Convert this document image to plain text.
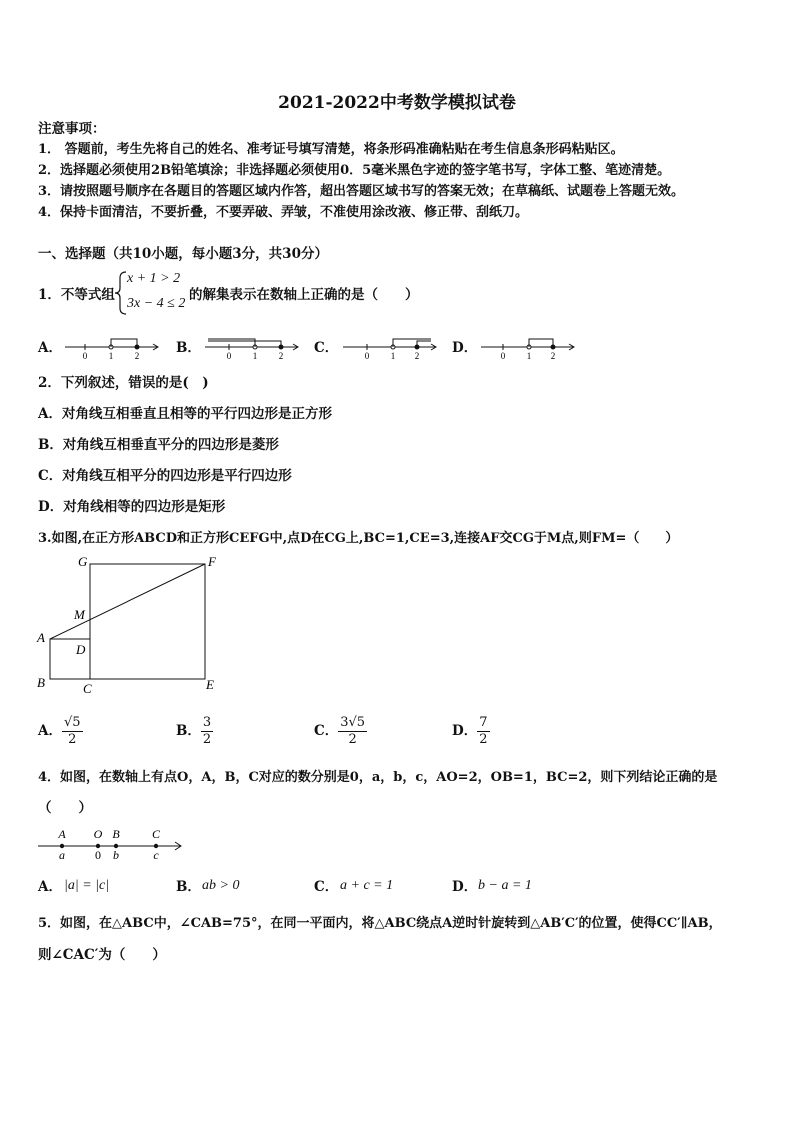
2021-2022中考数学模拟试卷
注意事项：
1． 答题前，考生先将自己的姓名、准考证号填写清楚，将条形码准确粘贴在考生信息条形码粘贴区。
2．选择题必须使用2B铅笔填涂；非选择题必须使用0．5毫米黑色字迹的签字笔书写，字体工整、笔迹清楚。
3．请按照题号顺序在各题目的答题区域内作答，超出答题区域书写的答案无效；在草稿纸、试题卷上答题无效。
4．保持卡面清洁，不要折叠，不要弄破、弄皱，不准使用涂改液、修正带、刮纸刀。
一、选择题（共10小题，每小题3分，共30分）
1．不等式组
x + 1 > 2
3x − 4 ≤ 2
的解集表示在数轴上正确的是（　　）
A． 0 1 2	B．	0 1 2 C．	0 1 2 D．	0 1 2
2．下列叙述，错误的是(　)
A．对角线互相垂直且相等的平行四边形是正方形
B．对角线互相垂直平分的四边形是菱形
C．对角线互相平分的四边形是平行四边形
D．对角线相等的四边形是矩形
3.如图,在正方形ABCD和正方形CEFG中,点D在CG上,BC=1,CE=3,连接AF交CG于M点,则FM=（　　）
G	F
M
A
D
B	C	E
A． $\frac{√5}{2}$	B． $\frac{3}{2}$	C． $\frac{3√5}{2}$	D． $\frac{7}{2}$
4．如图，在数轴上有点O，A，B，C对应的数分别是0，a，b，c，AO=2，OB=1，BC=2，则下列结论正确的是
（　　）
A O B	C
a	0 b	c
A． |a| = |c|	B． ab > 0	C． a + c = 1	D． b − a = 1
5．如图，在△ABC中，∠CAB=75°，在同一平面内，将△ABC绕点A逆时针旋转到△AB′C′的位置，使得CC′∥AB，
则∠CAC′为（　　）
